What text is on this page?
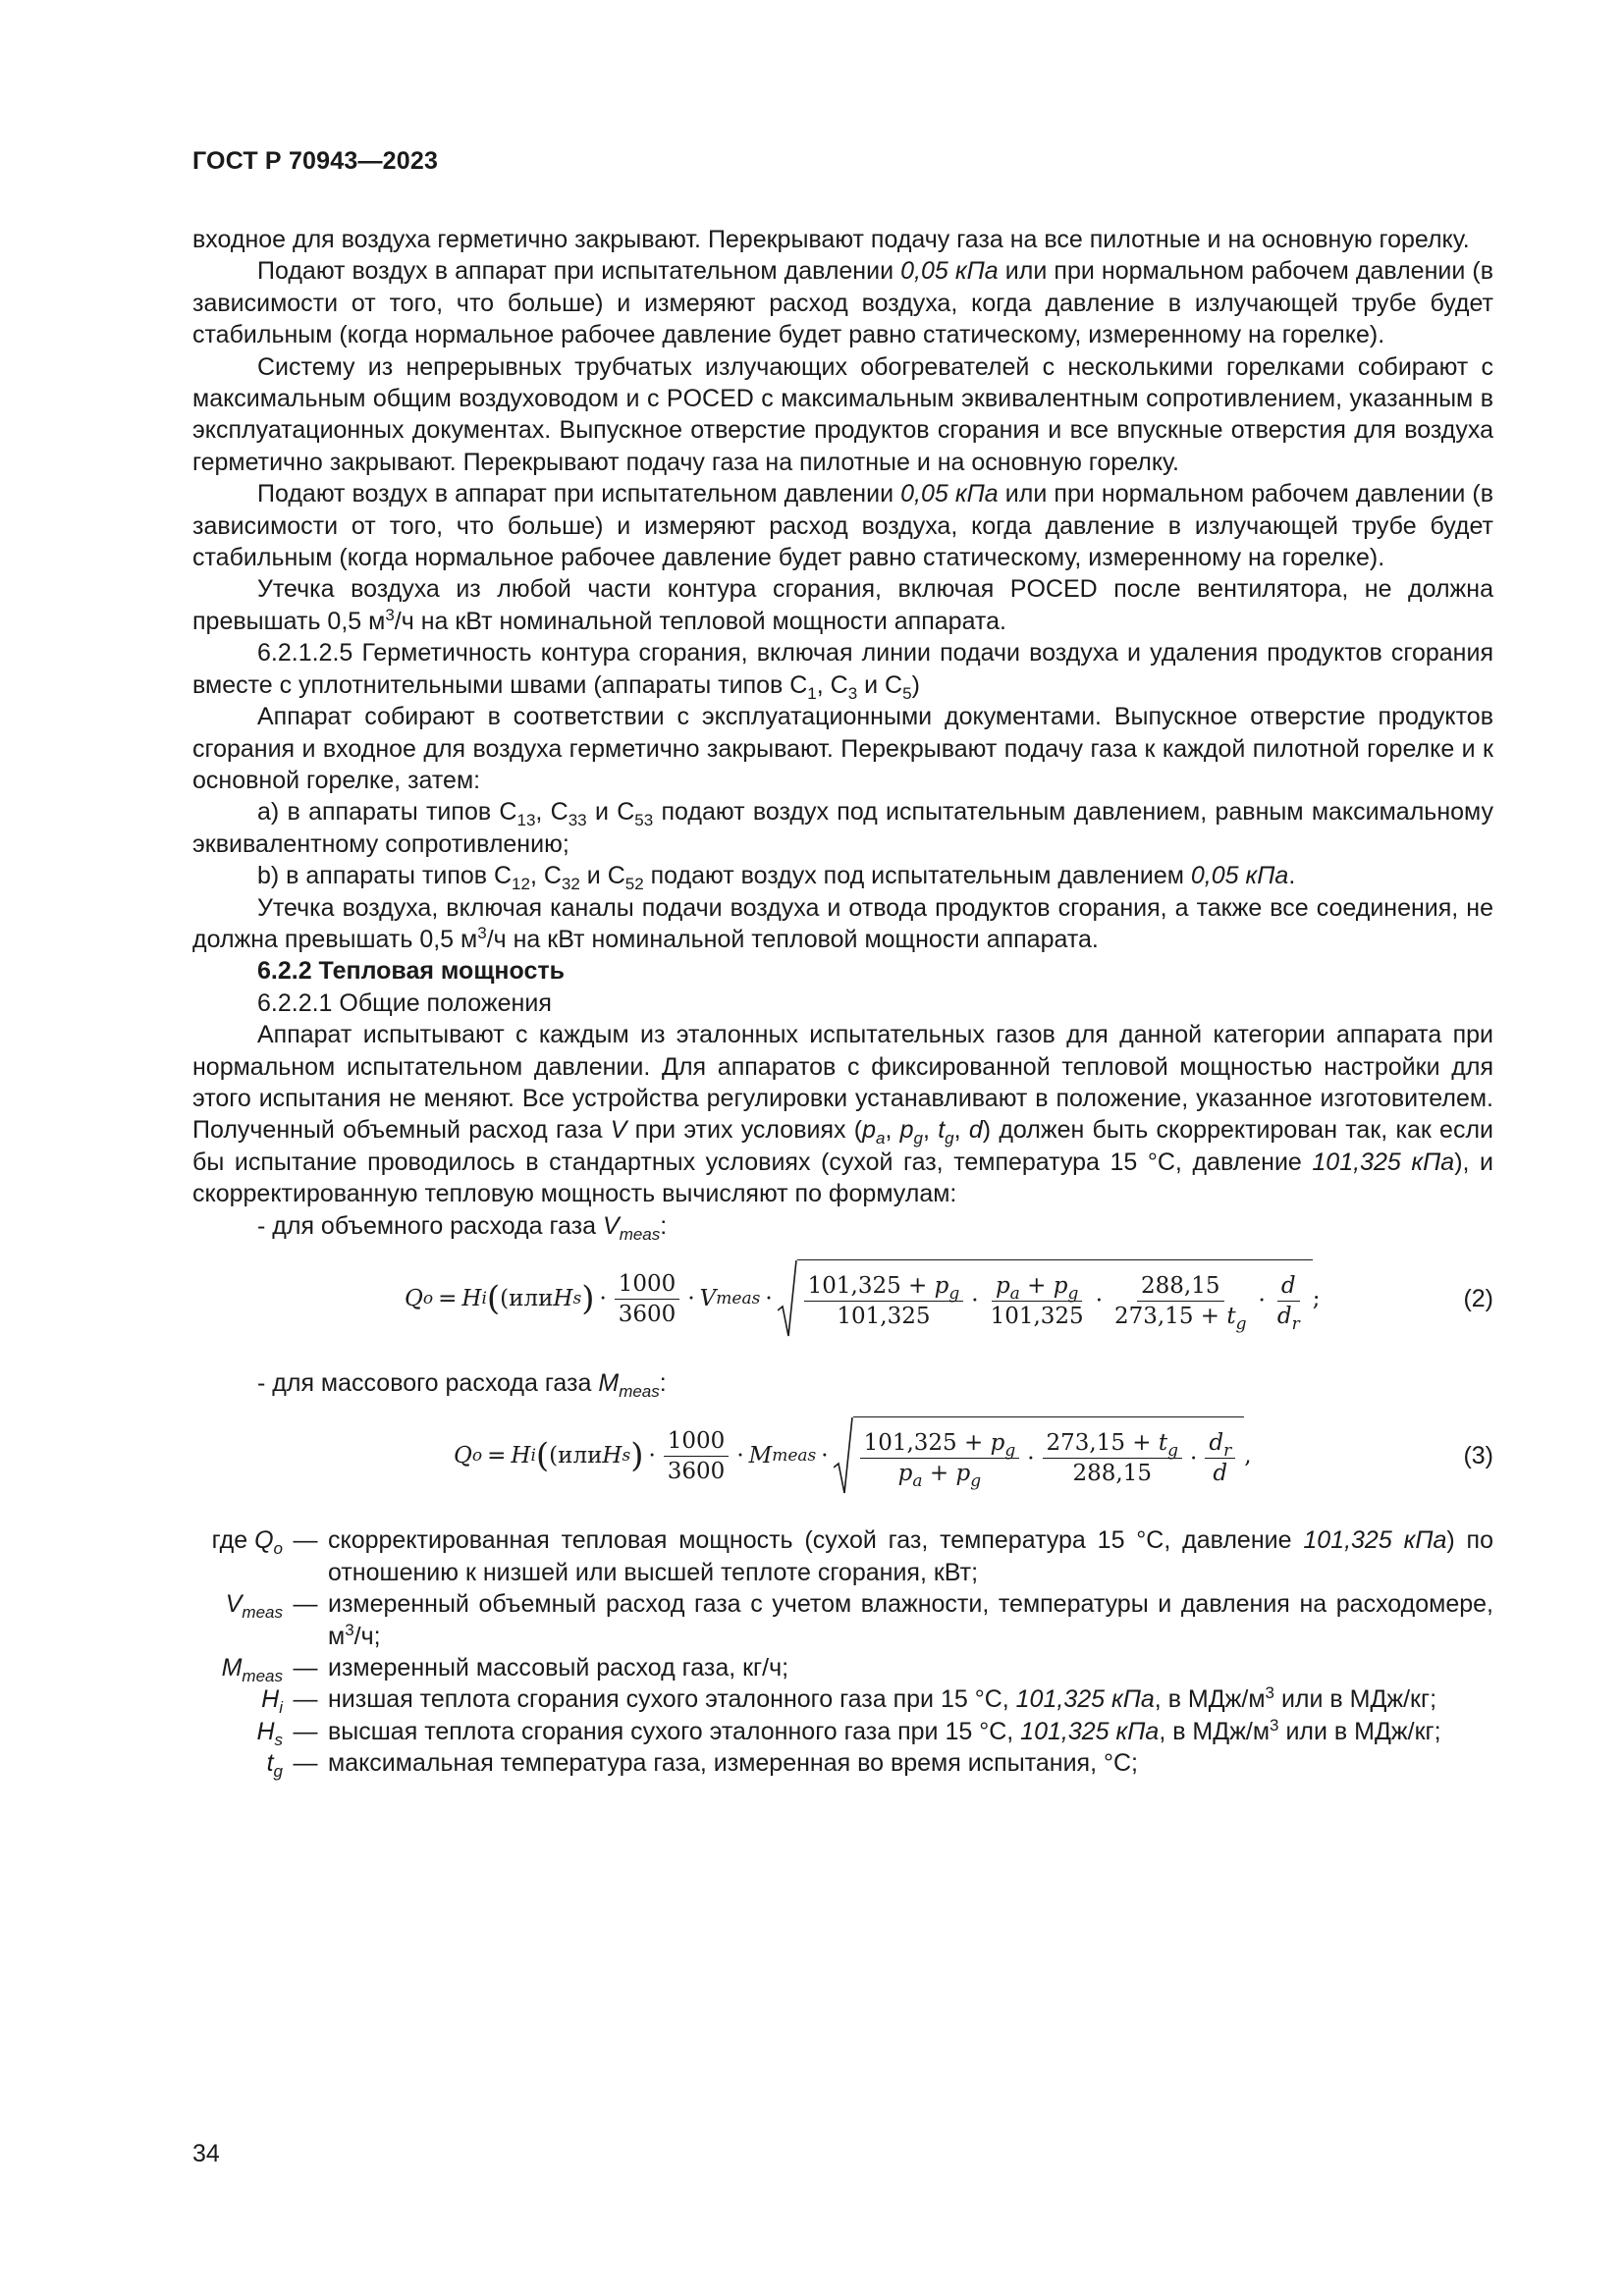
ГОСТ Р 70943—2023

входное для воздуха герметично закрывают. Перекрывают подачу газа на все пилотные и на основную горелку.

Подают воздух в аппарат при испытательном давлении 0,05 кПа или при нормальном рабочем давлении (в зависимости от того, что больше) и измеряют расход воздуха, когда давление в излучающей трубе будет стабильным (когда нормальное рабочее давление будет равно статическому, измеренному на горелке).

Систему из непрерывных трубчатых излучающих обогревателей с несколькими горелками собирают с максимальным общим воздуховодом и с POCED с максимальным эквивалентным сопротивлением, указанным в эксплуатационных документах. Выпускное отверстие продуктов сгорания и все впускные отверстия для воздуха герметично закрывают. Перекрывают подачу газа на пилотные и на основную горелку.

Подают воздух в аппарат при испытательном давлении 0,05 кПа или при нормальном рабочем давлении (в зависимости от того, что больше) и измеряют расход воздуха, когда давление в излучающей трубе будет стабильным (когда нормальное рабочее давление будет равно статическому, измеренному на горелке).

Утечка воздуха из любой части контура сгорания, включая POCED после вентилятора, не должна превышать 0,5 $м^3/ч$ на кВт номинальной тепловой мощности аппарата.

6.2.1.2.5 Герметичность контура сгорания, включая линии подачи воздуха и удаления продуктов сгорания вместе с уплотнительными швами (аппараты типов $С_1$, $С_3$ и $С_5$)

Аппарат собирают в соответствии с эксплуатационными документами. Выпускное отверстие продуктов сгорания и входное для воздуха герметично закрывают. Перекрывают подачу газа к каждой пилотной горелке и к основной горелке, затем:

a) в аппараты типов $С_{13}$, $С_{33}$ и $С_{53}$ подают воздух под испытательным давлением, равным максимальному эквивалентному сопротивлению;

b) в аппараты типов $С_{12}$, $С_{32}$ и $С_{52}$ подают воздух под испытательным давлением 0,05 кПа.

Утечка воздуха, включая каналы подачи воздуха и отвода продуктов сгорания, а также все соединения, не должна превышать 0,5 $м^3/ч$ на кВт номинальной тепловой мощности аппарата.

6.2.2 Тепловая мощность

6.2.2.1 Общие положения

Аппарат испытывают с каждым из эталонных испытательных газов для данной категории аппарата при нормальном испытательном давлении. Для аппаратов с фиксированной тепловой мощностью настройки для этого испытания не меняют. Все устройства регулировки устанавливают в положение, указанное изготовителем. Полученный объемный расход газа V при этих условиях ($p_a$, $p_g$, $t_g$, d) должен быть скорректирован так, как если бы испытание проводилось в стандартных условиях (сухой газ, температура 15 °С, давление 101,325 кПа), и скорректированную тепловую мощность вычисляют по формулам:

- для объемного расхода газа $V_{meas}$:

Q o = H i ( (или H s ) · $\frac{1000}{3600} \cdot V$ meas · $\frac{101,325 + p_g}{101,325} \cdot \frac{p_a + p_g}{101,325} \cdot \frac{288,15}{273,15 + t_g} \cdot \frac{d}{d_r}$ ;	(2)

- для массового расхода газа $M_{meas}$:

Q o = H i ( (или H s ) · $\frac{1000}{3600} \cdot M$ meas · $\frac{101,325 + p_g}{p_a + p_g} \cdot \frac{273,15 + t_g}{288,15} \cdot \frac{d_r}{d}$ ,	(3)
где $Q_o$ — скорректированная тепловая мощность (сухой газ, температура 15 °С, давление 101,325 кПа) по отношению к низшей или высшей теплоте сгорания, кВт;
$V_{meas}$ — измеренный объемный расход газа с учетом влажности, температуры и давления на расходомере, $м^3/ч$;
$M_{meas}$ — измеренный массовый расход газа, кг/ч;
$H_i$ — низшая теплота сгорания сухого эталонного газа при 15 °С, 101,325 кПа, в МДж/$м^3$ или в МДж/кг;
$H_s$ — высшая теплота сгорания сухого эталонного газа при 15 °С, 101,325 кПа, в МДж/$м^3$ или в МДж/кг;
$t_g$ — максимальная температура газа, измеренная во время испытания, °С;
34
